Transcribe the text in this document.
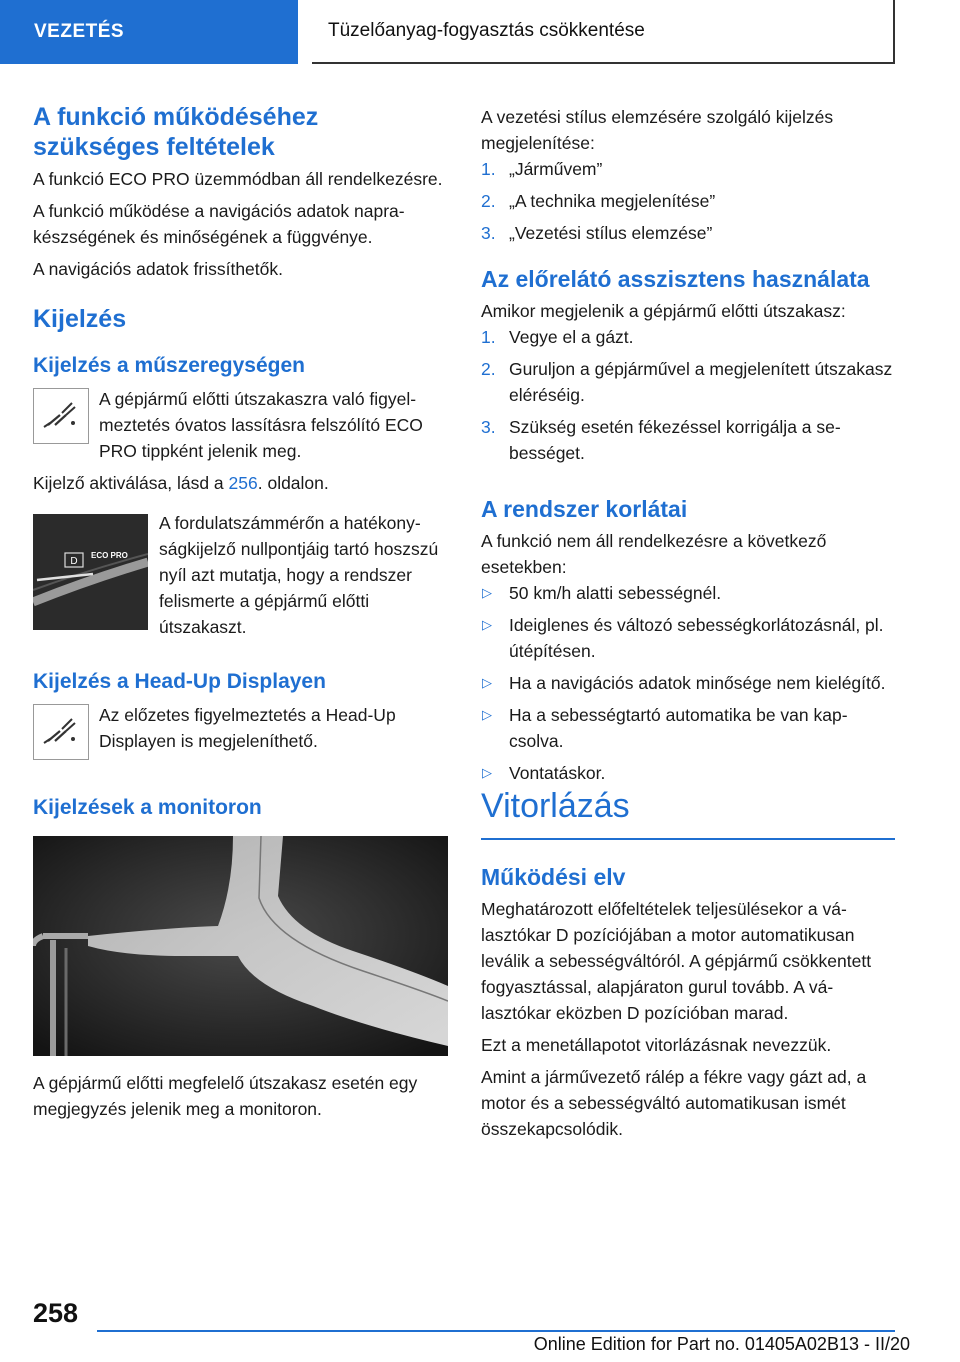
VEZETÉS	Tüzelőanyag-fogyasztás csökkentése
A funkció működéséhez szükséges feltételek

A funkció ECO PRO üzemmódban áll rendelkezésre.

A funkció működése a navigációs adatok naprakészségének és minőségének a függvénye.

A navigációs adatok frissíthetők.

Kijelzés
Kijelzés a műszeregységen
A gépjármű előtti útszakaszra való figyelmeztetés óvatos lassításra felszólító ECO PRO tippként jelenik meg.

Kijelző aktiválása, lásd a 256. oldalon.

D
ECO PRO
A fordulatszámmérőn a hatékonyságkijelző nullpontjáig tartó hoszszú nyíl azt mutatja, hogy a rendszer felismerte a gépjármű előtti útszakaszt.
Kijelzés a Head-Up Displayen
Az előzetes figyelmeztetés a Head-Up Displayen is megjeleníthető.
Kijelzések a monitoron

A gépjármű előtti megfelelő útszakasz esetén egy megjegyzés jelenik meg a monitoron.

A vezetési stílus elemzésére szolgáló kijelzés megjelenítése:

1. „Járművem”
2. „A technika megjelenítése”
3. „Vezetési stílus elemzése”
Az előrelátó asszisztens használata

Amikor megjelenik a gépjármű előtti útszakasz:

1. Vegye el a gázt.
2. Guruljon a gépjárművel a megjelenített útszakasz eléréséig.
3. Szükség esetén fékezéssel korrigálja a sebességet.
A rendszer korlátai

A funkció nem áll rendelkezésre a következő esetekben:

▷ 50 km/h alatti sebességnél.
▷ Ideiglenes és változó sebességkorlátozásnál, pl. útépítésen.
▷ Ha a navigációs adatok minősége nem kielégítő.
▷ Ha a sebességtartó automatika be van kapcsolva.
▷ Vontatáskor.
Vitorlázás
Működési elv

Meghatározott előfeltételek teljesülésekor a választókar D pozíciójában a motor automatikusan leválik a sebességváltóról. A gépjármű csökkentett fogyasztással, alapjáraton gurul tovább. A választókar eközben D pozícióban marad.

Ezt a menetállapotot vitorlázásnak nevezzük.

Amint a járművezető rálép a fékre vagy gázt ad, a motor és a sebességváltó automatikusan ismét összekapcsolódik.

258
Online Edition for Part no. 01405A02B13 - II/20
